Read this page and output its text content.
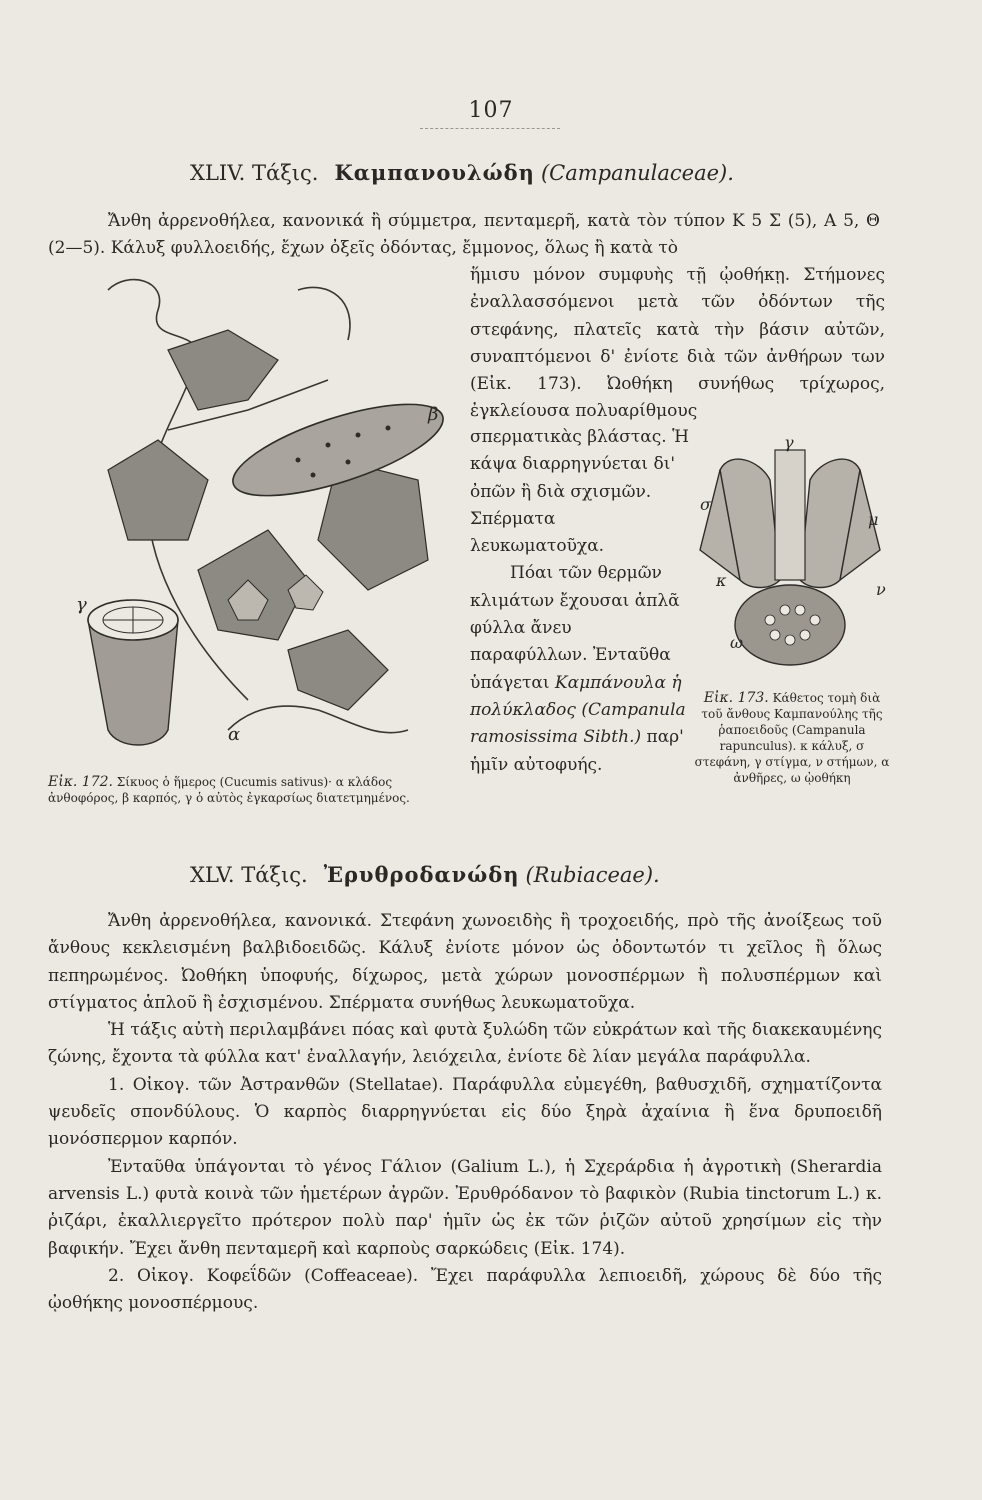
107
XLIV. Τάξις. Καμπανουλώδη (Campanulaceae).
Ἄνθη ἀρρενοθήλεα, κανονικά ἢ σύμμετρα, πενταμερῆ, κατὰ τὸν τύπον Κ 5 Σ (5), Α 5, Θ (2—5). Κάλυξ φυλλοειδής, ἔχων ὀξεῖς ὀδόντας, ἔμμονος, ὅλως ἢ κατὰ τὸ
ἥμισυ μόνον συμφυὴς τῇ ᾠοθήκῃ. Στήμονες ἐναλλασσόμενοι μετὰ τῶν ὀδόντων τῆς στεφάνης, πλατεῖς κατὰ τὴν βάσιν αὐτῶν, συναπτόμενοι δ' ἐνίοτε διὰ τῶν ἀνθήρων των (Εἰκ. 173). Ὠοθήκη συνήθως τρίχωρος, ἐγκλείουσα πολυαρίθμους

σπερματικὰς βλάστας. Ἡ κάψα διαρρηγνύεται δι' ὀπῶν ἢ διὰ σχισμῶν. Σπέρματα λευκωματοῦχα.

Πόαι τῶν θερμῶν κλιμάτων ἔχουσαι ἁπλᾶ φύλλα ἄνευ παραφύλλων. Ἐνταῦθα ὑπάγεται Καμπάνουλα ἡ πολύκλαδος (Campanula ramosissima Sibth.) παρ' ἡμῖν αὐτοφυής.

β
γ
α
Εἰκ. 172. Σίκυος ὁ ἥμερος (Cucumis sativus)· α κλάδος ἀνθοφόρος, β καρπός, γ ὁ αὐτὸς ἐγκαρσίως διατετμημένος.
γ
σ
μ
κ	ν
ω
Εἰκ. 173. Κάθετος τομὴ διὰ τοῦ ἄνθους Καμπανούλης τῆς ῥαποειδοῦς (Campanula rapunculus). κ κάλυξ, σ στεφάνη, γ στίγμα, ν στήμων, α ἀνθῆρες, ω ᾠοθήκη
XLV. Τάξις. Ἐρυθροδανώδη (Rubiaceae).

Ἄνθη ἀρρενοθήλεα, κανονικά. Στεφάνη χωνοειδὴς ἢ τροχοειδής, πρὸ τῆς ἀνοίξεως τοῦ ἄνθους κεκλεισμένη βαλβιδοειδῶς. Κάλυξ ἐνίοτε μόνον ὡς ὀδοντωτόν τι χεῖλος ἢ ὅλως πεπηρωμένος. Ὠοθήκη ὑποφυής, δίχωρος, μετὰ χώρων μονοσπέρμων ἢ πολυσπέρμων καὶ στίγματος ἁπλοῦ ἢ ἐσχισμένου. Σπέρματα συνήθως λευκωματοῦχα.

Ἡ τάξις αὐτὴ περιλαμβάνει πόας καὶ φυτὰ ξυλώδη τῶν εὐκράτων καὶ τῆς διακεκαυμένης ζώνης, ἔχοντα τὰ φύλλα κατ' ἐναλλαγήν, λειόχειλα, ἐνίοτε δὲ λίαν μεγάλα παράφυλλα.

1. Οἰκογ. τῶν Ἀστρανθῶν (Stellatae). Παράφυλλα εὐμεγέθη, βαθυσχιδῆ, σχηματίζοντα ψευδεῖς σπονδύλους. Ὁ καρπὸς διαρρηγνύεται εἰς δύο ξηρὰ ἀχαίνια ἢ ἕνα δρυποειδῆ μονόσπερμον καρπόν.

Ἐνταῦθα ὑπάγονται τὸ γένος Γάλιον (Galium L.), ἡ Σχεράρδια ἡ ἀγροτικὴ (Sherardia arvensis L.) φυτὰ κοινὰ τῶν ἡμετέρων ἀγρῶν. Ἐρυθρόδανον τὸ βαφικὸν (Rubia tinctorum L.) κ. ῥιζάρι, ἐκαλλιεργεῖτο πρότερον πολὺ παρ' ἡμῖν ὡς ἐκ τῶν ῥιζῶν αὐτοῦ χρησίμων εἰς τὴν βαφικήν. Ἔχει ἄνθη πενταμερῆ καὶ καρποὺς σαρκώδεις (Εἰκ. 174).

2. Οἰκογ. Κοφεΐδῶν (Coffeaceae). Ἔχει παράφυλλα λεπιοειδῆ, χώρους δὲ δύο τῆς ᾠοθήκης μονοσπέρμους.
